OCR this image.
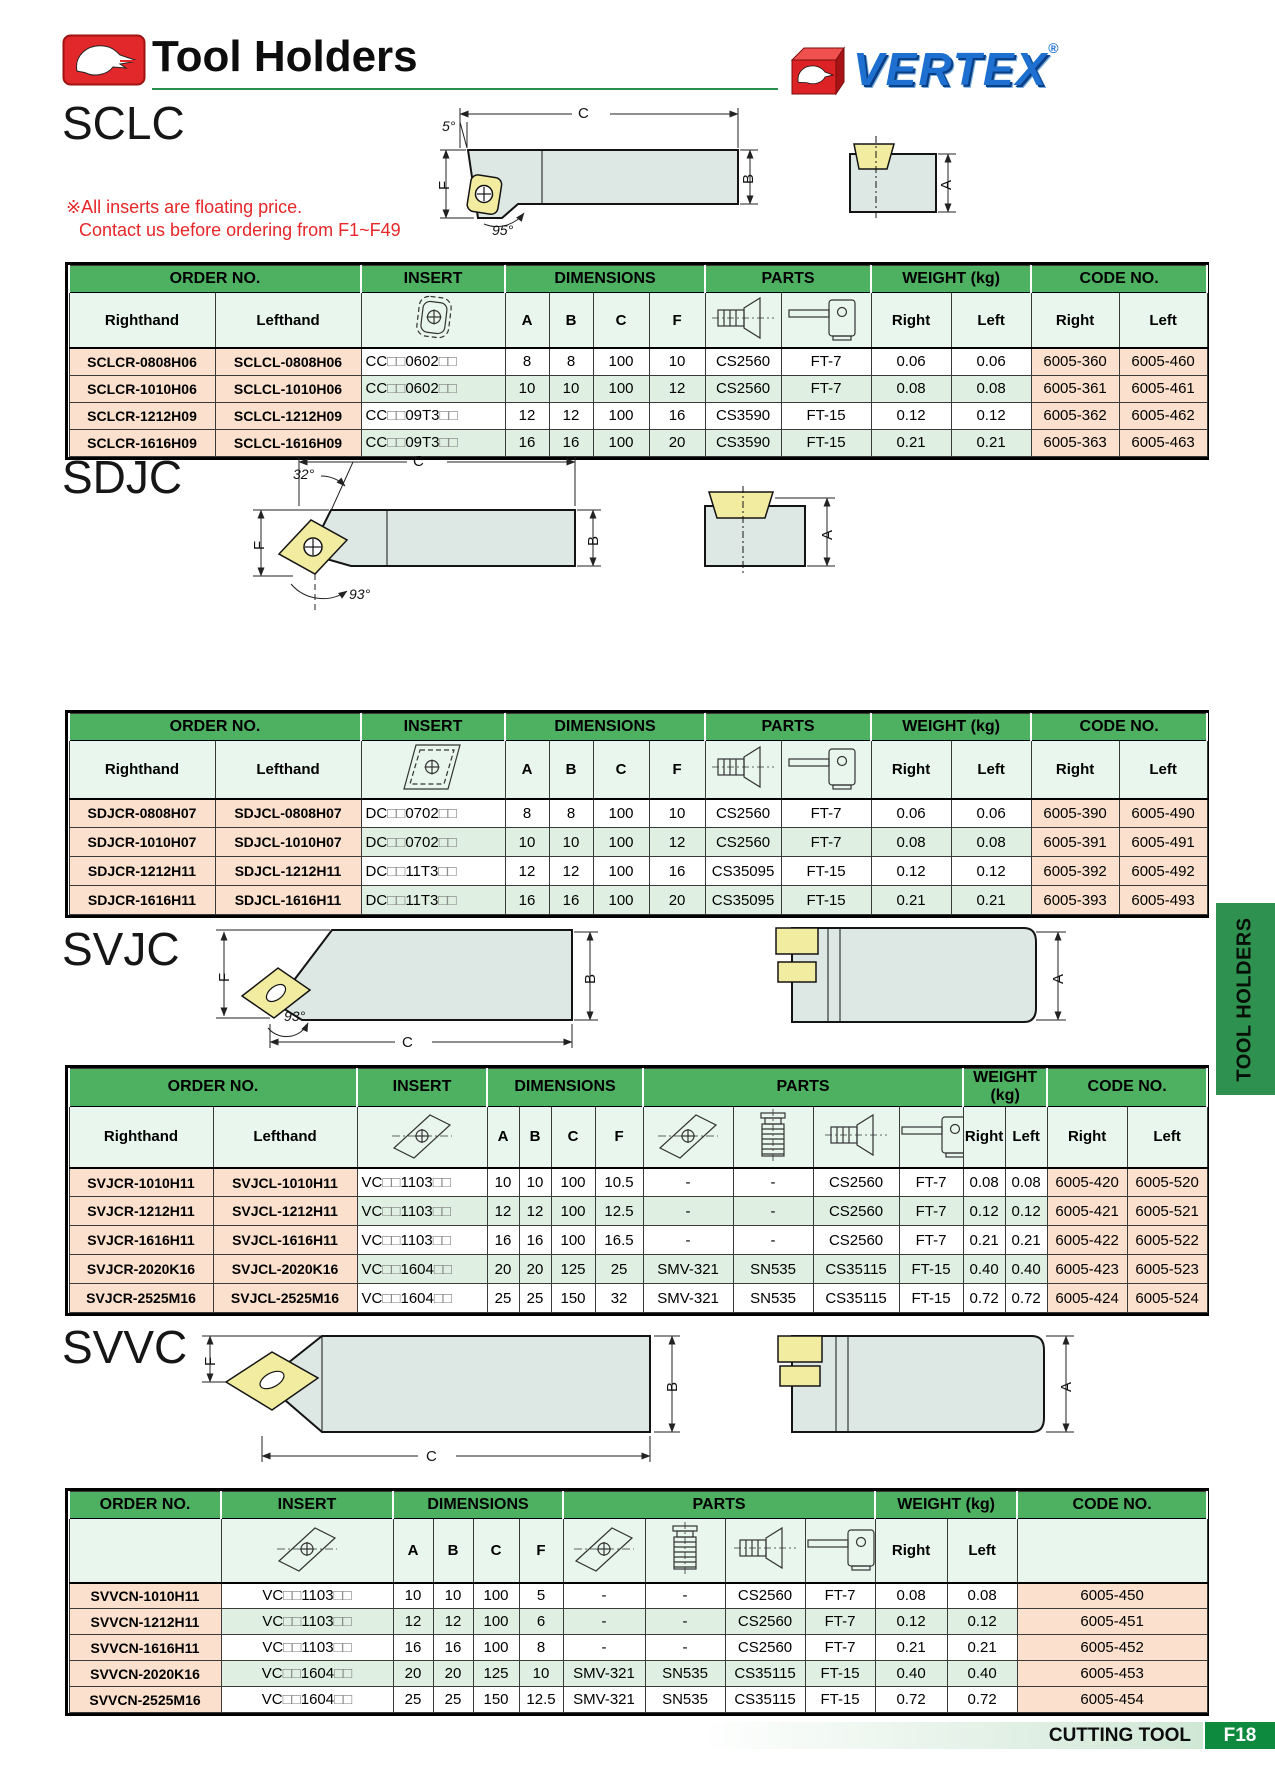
Tool Holders	VERTEX ®
※All inserts are floating price.
Contact us before ordering from F1~F49
SCLC	C
5°
F
B
95°
A
ORDER NO.		INSERT	DIMENSIONS				PARTS		WEIGHT (kg)		CODE NO.	
Righthand	Lefthand		A	B	C	F			Right	Left	Right	Left
SCLCR-0808H06	SCLCL-0808H06	CC□□0602□□	8	8	100	10	CS2560	FT-7	0.06	0.06	6005-360	6005-460
SCLCR-1010H06	SCLCL-1010H06	CC□□0602□□	10	10	100	12	CS2560	FT-7	0.08	0.08	6005-361	6005-461
SCLCR-1212H09	SCLCL-1212H09	CC□□09T3□□	12	12	100	16	CS3590	FT-15	0.12	0.12	6005-362	6005-462
SCLCR-1616H09	SCLCL-1616H09	CC□□09T3□□	16	16	100	20	CS3590	FT-15	0.21	0.21	6005-363	6005-463
SDJC	C
32°
F	B
93°
A
ORDER NO.		INSERT	DIMENSIONS				PARTS		WEIGHT (kg)		CODE NO.	
Righthand	Lefthand		A	B	C	F			Right	Left	Right	Left
SDJCR-0808H07	SDJCL-0808H07	DC□□0702□□	8	8	100	10	CS2560	FT-7	0.06	0.06	6005-390	6005-490
SDJCR-1010H07	SDJCL-1010H07	DC□□0702□□	10	10	100	12	CS2560	FT-7	0.08	0.08	6005-391	6005-491
SDJCR-1212H11	SDJCL-1212H11	DC□□11T3□□	12	12	100	16	CS35095	FT-15	0.12	0.12	6005-392	6005-492
SDJCR-1616H11	SDJCL-1616H11	DC□□11T3□□	16	16	100	20	CS35095	FT-15	0.21	0.21	6005-393	6005-493
SVJC
F	B
C
93°
A
ORDER NO.		INSERT	DIMENSIONS				PARTS				WEIGHT (kg)		CODE NO.	
Righthand	Lefthand		A	B	C	F					Right	Left	Right	Left
SVJCR-1010H11	SVJCL-1010H11	VC□□1103□□	10	10	100	10.5	-	-	CS2560	FT-7	0.08	0.08	6005-420	6005-520
SVJCR-1212H11	SVJCL-1212H11	VC□□1103□□	12	12	100	12.5	-	-	CS2560	FT-7	0.12	0.12	6005-421	6005-521
SVJCR-1616H11	SVJCL-1616H11	VC□□1103□□	16	16	100	16.5	-	-	CS2560	FT-7	0.21	0.21	6005-422	6005-522
SVJCR-2020K16	SVJCL-2020K16	VC□□1604□□	20	20	125	25	SMV-321	SN535	CS35115	FT-15	0.40	0.40	6005-423	6005-523
SVJCR-2525M16	SVJCL-2525M16	VC□□1604□□	25	25	150	32	SMV-321	SN535	CS35115	FT-15	0.72	0.72	6005-424	6005-524
SVVC F
B
C
A
ORDER NO.	INSERT	DIMENSIONS				PARTS				WEIGHT (kg)		CODE NO.
		A	B	C	F					Right	Left	
SVVCN-1010H11	VC□□1103□□	10	10	100	5	-	-	CS2560	FT-7	0.08	0.08	6005-450
SVVCN-1212H11	VC□□1103□□	12	12	100	6	-	-	CS2560	FT-7	0.12	0.12	6005-451
SVVCN-1616H11	VC□□1103□□	16	16	100	8	-	-	CS2560	FT-7	0.21	0.21	6005-452
SVVCN-2020K16	VC□□1604□□	20	20	125	10	SMV-321	SN535	CS35115	FT-15	0.40	0.40	6005-453
SVVCN-2525M16	VC□□1604□□	25	25	150	12.5	SMV-321	SN535	CS35115	FT-15	0.72	0.72	6005-454
TOOL HOLDERS
CUTTING TOOL	F18
